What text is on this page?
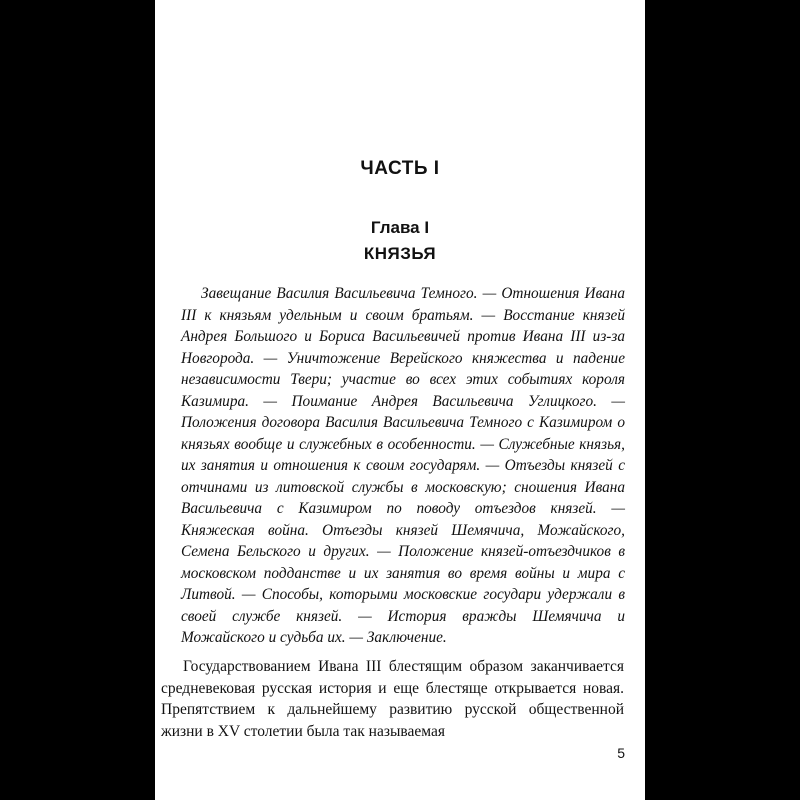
ЧАСТЬ I
Глава I
КНЯЗЬЯ

Завещание Василия Васильевича Темного. — Отношения Ивана III к князьям удельным и своим братьям. — Восстание князей Андрея Большого и Бориса Васильевичей против Ивана III из-за Новгорода. — Уничтожение Верейского княжества и падение независимости Твери; участие во всех этих событиях короля Казимира. — Поимание Андрея Васильевича Углицкого. — Положения договора Василия Васильевича Темного с Казимиром о князьях вообще и служебных в особенности. — Служебные князья, их занятия и отношения к своим государям. — Отъезды князей с отчинами из литовской службы в московскую; сношения Ивана Васильевича с Казимиром по поводу отъездов князей. — Княжеская война. Отъезды князей Шемячича, Можайского, Семена Бельского и других. — Положение князей-отъездчиков в московском подданстве и их занятия во время войны и мира с Литвой. — Способы, которыми московские государи удержали в своей службе князей. — История вражды Шемячича и Можайского и судьба их. — Заключение.

Государствованием Ивана III блестящим образом заканчивается средневековая русская история и еще блестяще открывается новая. Препятствием к дальнейшему развитию русской общественной жизни в XV столетии была так называемая

5
